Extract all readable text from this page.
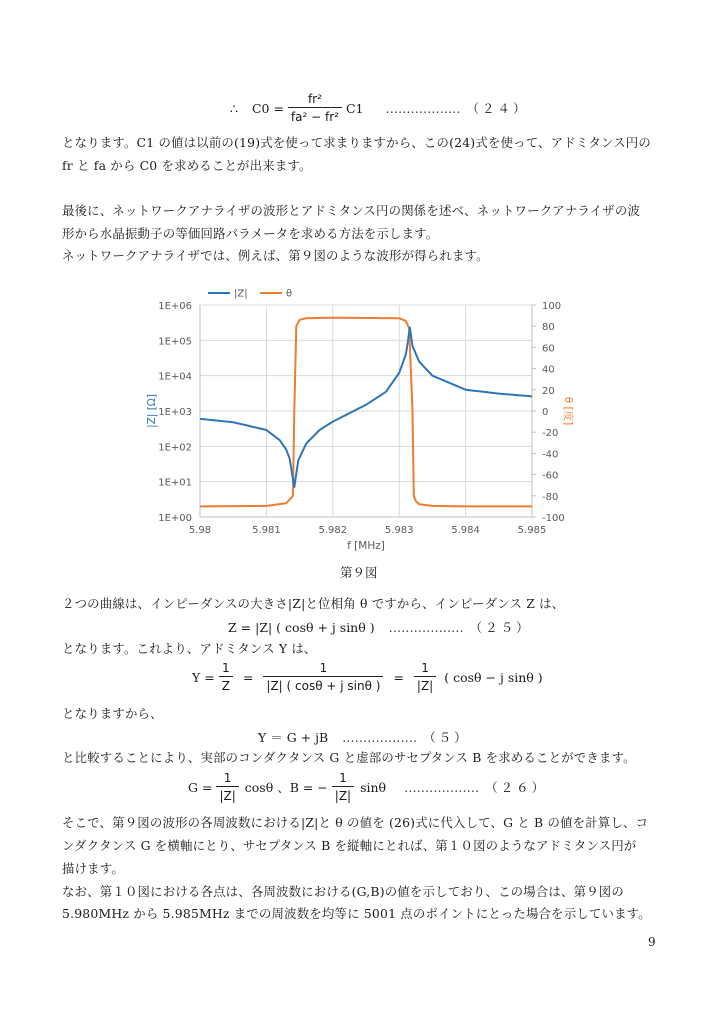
∴ $C0 = \frac{\text{fr²}}{\text{fa² − fr²}} C1$ ……………… （２４）
となります。C1 の値は以前の(19)式を使って求まりますから、この(24)式を使って、アドミタンス円の
fr と fa から C0 を求めることが出来ます。
最後に、ネットワークアナライザの波形とアドミタンス円の関係を述べ、ネットワークアナライザの波
形から水晶振動子の等価回路パラメータを求める方法を示します。
ネットワークアナライザでは、例えば、第９図のような波形が得られます。
1E+00
1E+01
1E+02
1E+03
1E+04
1E+05
1E+06
5.98	5.981	5.982	5.983	5.984	5.985
-100
-80
-60
-40
-20
0
20
40
60
80
100
f [MHz]
|Z| [Ω]	θ [度]
|Z|	θ
第９図
２つの曲線は、インピーダンスの大きさ|Z|と位相角 θ ですから、インピーダンス Z は、
Z = |Z| ( cosθ + j sinθ ) ……………… （２５）
となります。これより、アドミタンス Y は、
$Y = \frac{1}{Z} = \frac{1}{\text{|Z| ( cosθ + j sinθ )}} = \frac{1}{|Z|}$ ( cosθ − j sinθ )
となりますから、
Y ＝ G + jB ……………… （５）
と比較することにより、実部のコンダクタンス G と虚部のサセプタンス B を求めることができます。
$G = \frac{1}{|Z|}$ cosθ 、B = − $\frac{1}{|Z|}$ sinθ ……………… （２６）
そこで、第９図の波形の各周波数における|Z|と θ の値を (26)式に代入して、G と B の値を計算し、コ
ンダクタンス G を横軸にとり、サセプタンス B を縦軸にとれば、第１０図のようなアドミタンス円が
描けます。
なお、第１０図における各点は、各周波数における(G,B)の値を示しており、この場合は、第９図の
5.980MHz から 5.985MHz までの周波数を均等に 5001 点のポイントにとった場合を示しています。
9
